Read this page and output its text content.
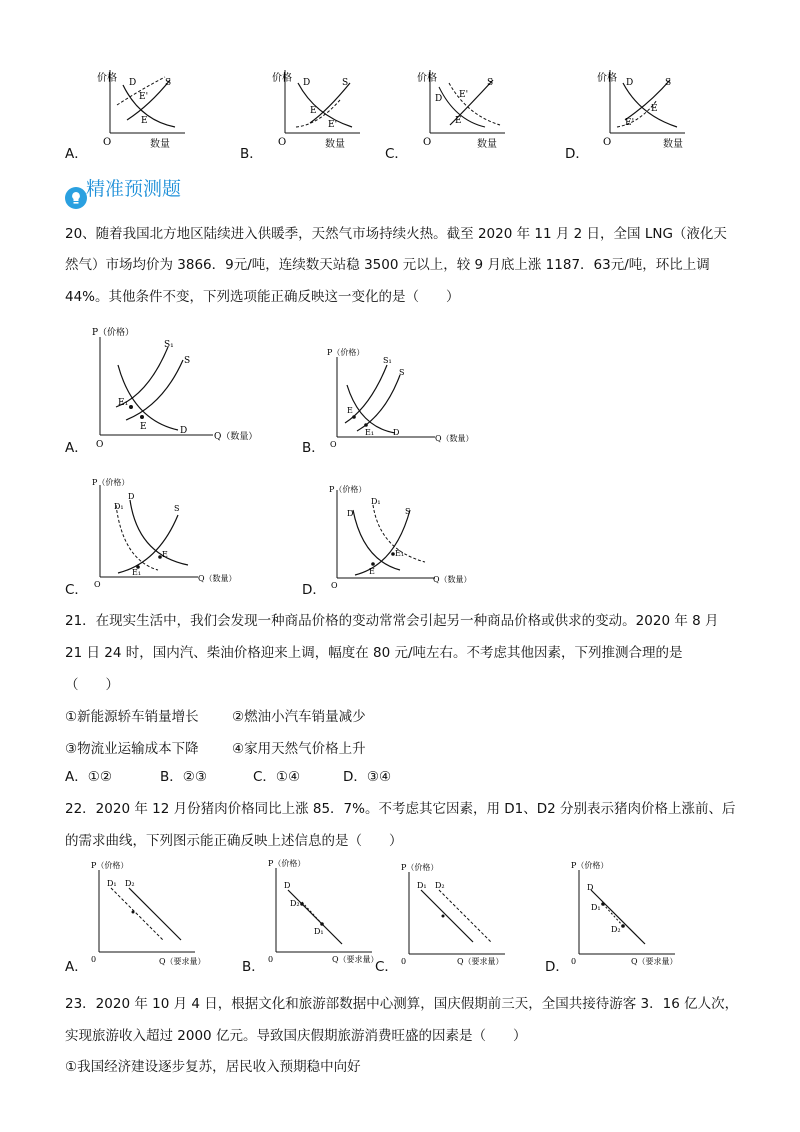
价格
O	数量
D	S
E'
E
A．
价格
O	数量
D	S
E
E'
B．
价格
O	数量
D
S
E'
E
C．
价格
O	数量
D	S
E
E'
D．
精准预测题
20、随着我国北方地区陆续进入供暖季，天然气市场持续火热。截至 2020 年 11 月 2 日，全国 LNG（液化天
然气）市场均价为 3866．9元/吨，连续数天站稳 3500 元以上，较 9 月底上涨 1187．63元/吨，环比上调
44%。其他条件不变，下列选项能正确反映这一变化的是（　　）
P（价格）
O
Q（数量）
S₁
S
E₁
E	D
A．
P（价格）
O
Q（数量）
S₁
S
E
E₁ D
B．
P（价格）
O
Q（数量）
D₁
D
S
E
E₁
C．
P（价格）
O
Q（数量）
D
D₁
S
E₁
E
D．
21．在现实生活中，我们会发现一种商品价格的变动常常会引起另一种商品价格或供求的变动。2020 年 8 月
21 日 24 时，国内汽、柴油价格迎来上调，幅度在 80 元/吨左右。不考虑其他因素，下列推测合理的是
（　　）
①新能源轿车销量增长 ②燃油小汽车销量减少
③物流业运输成本下降 ④家用天然气价格上升
A．①②	B．②③	C．①④	D．③④
22．2020 年 12 月份猪肉价格同比上涨 85．7%。不考虑其它因素，用 D1、D2 分别表示猪肉价格上涨前、后
的需求曲线，下列图示能正确反映上述信息的是（　　）
P（价格）
0	Q（要求量）
D₁ D₂
A．
P（价格）
0	Q（要求量）
D
D₂
D₁
B．
P（价格）
0	Q（要求量）
D₁ D₂
C．
P（价格）
0	Q（要求量）
D
D₁
D₂
D．
23．2020 年 10 月 4 日，根据文化和旅游部数据中心测算，国庆假期前三天，全国共接待游客 3．16 亿人次，
实现旅游收入超过 2000 亿元。导致国庆假期旅游消费旺盛的因素是（　　）
①我国经济建设逐步复苏，居民收入预期稳中向好
